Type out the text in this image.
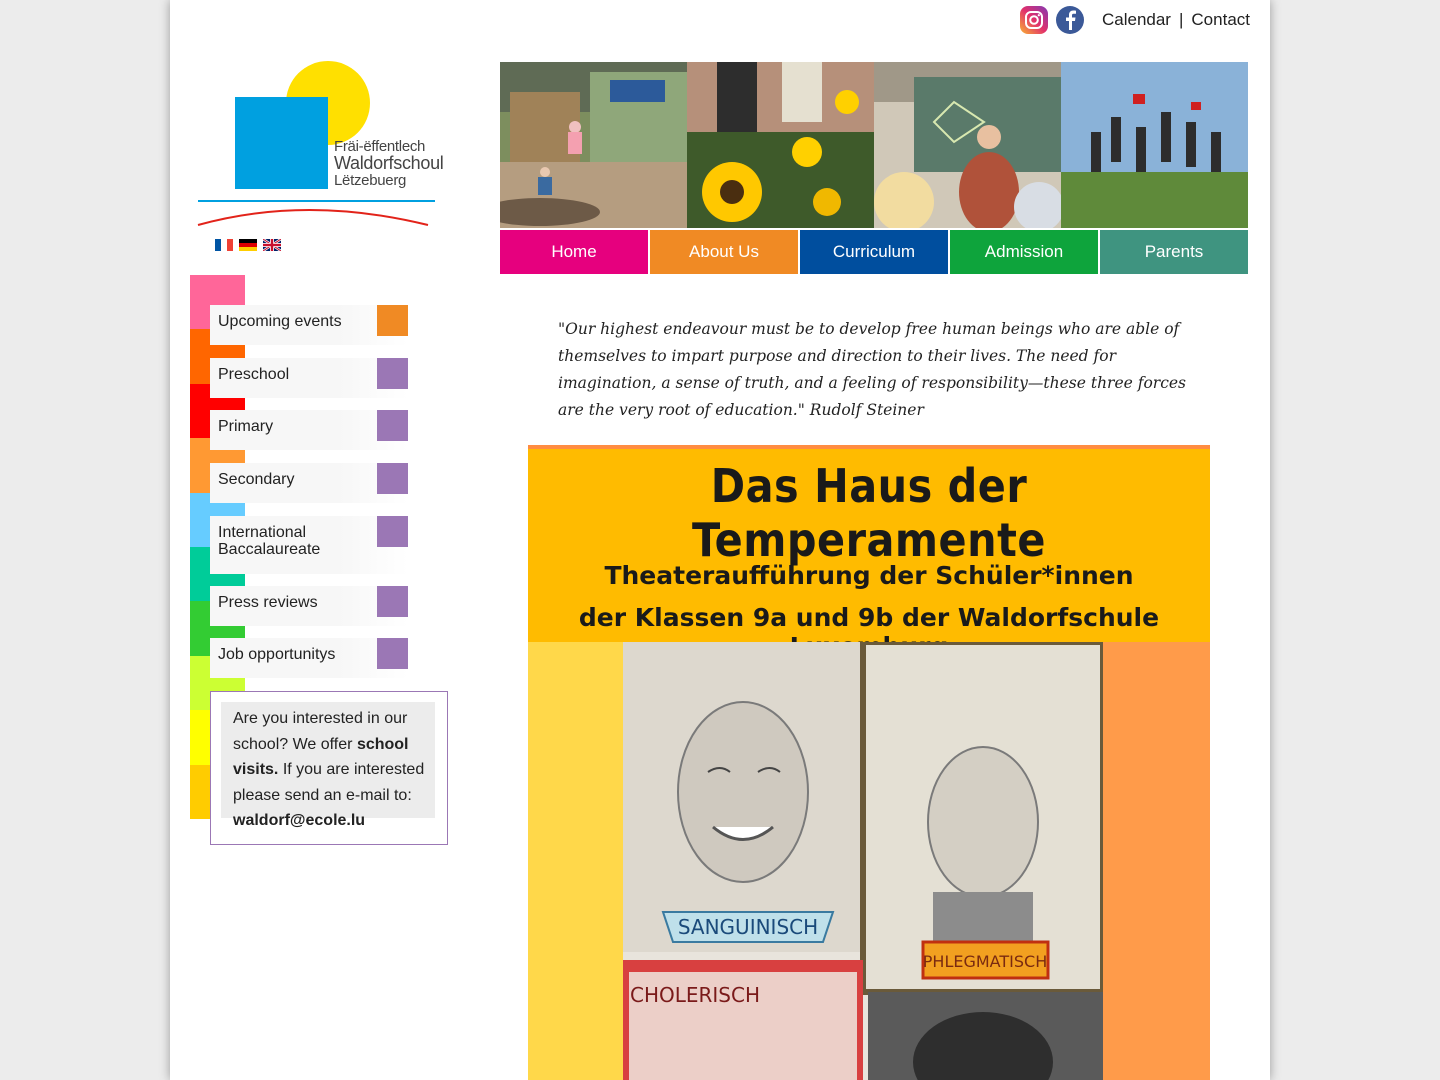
Calendar | Contact
Fräi-ëffentlech
Waldorfschoul
Lëtzebuerg
Upcoming events
Preschool
Primary
Secondary
International Baccalaureate
Press reviews
Job opportunitys
Are you interested in our school? We offer school visits. If you are interested please send an e-mail to: waldorf@ecole.lu
Home	About Us	Curriculum	Admission	Parents
"Our highest endeavour must be to develop free human beings who are able of themselves to impart purpose and direction to their lives. The need for imagination, a sense of truth, and a feeling of responsibility—these three forces are the very root of education." Rudolf Steiner
Das Haus der Temperamente
Theateraufführung der Schüler*innen
der Klassen 9a und 9b der Waldorfschule
SANGUINISCH
PHLEGMATISCH
CHOLERISCH
